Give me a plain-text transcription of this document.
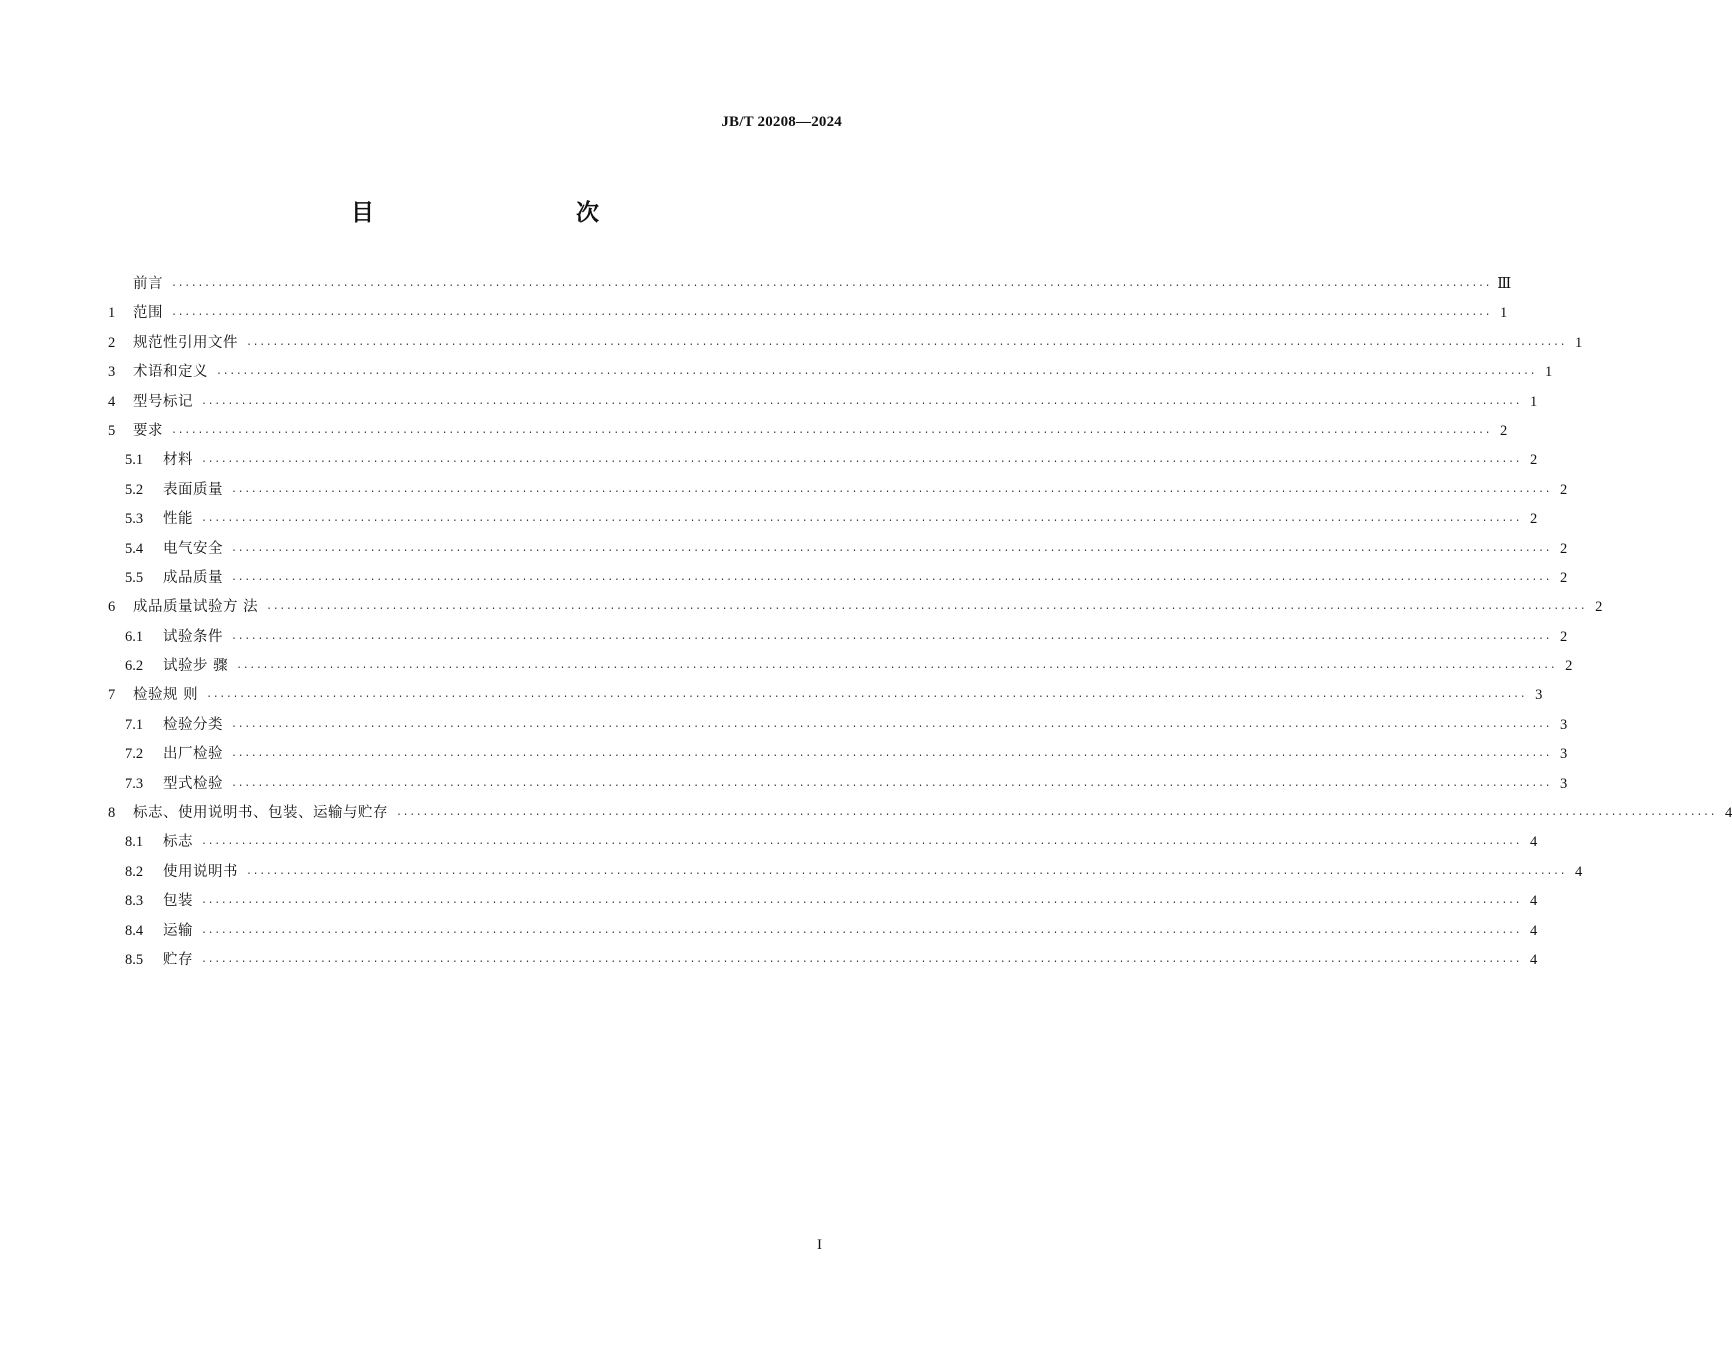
JB/T 20208—2024
目　　次
前言 ········································································································································································································ Ⅲ
1	范围 ········································································································································································································ 1
2	规范性引用文件 ········································································································································································································ 1
3	术语和定义 ········································································································································································································ 1
4	型号标记 ········································································································································································································ 1
5	要求 ········································································································································································································ 2
5.1	材料 ········································································································································································································ 2
5.2	表面质量 ········································································································································································································ 2
5.3	性能 ········································································································································································································ 2
5.4	电气安全 ········································································································································································································ 2
5.5	成品质量 ········································································································································································································ 2
6	成品质量试验方 法 ········································································································································································································ 2
6.1	试验条件 ········································································································································································································ 2
6.2	试验步 骤 ········································································································································································································ 2
7	检验规 则 ········································································································································································································ 3
7.1	检验分类 ········································································································································································································ 3
7.2	出厂检验 ········································································································································································································ 3
7.3	型式检验 ········································································································································································································ 3
8	标志、使用说明书、包装、运输与贮存 ········································································································································································································ 4
8.1	标志 ········································································································································································································ 4
8.2	使用说明书 ········································································································································································································ 4
8.3	包装 ········································································································································································································ 4
8.4	运输 ········································································································································································································ 4
8.5	贮存 ········································································································································································································ 4
I
